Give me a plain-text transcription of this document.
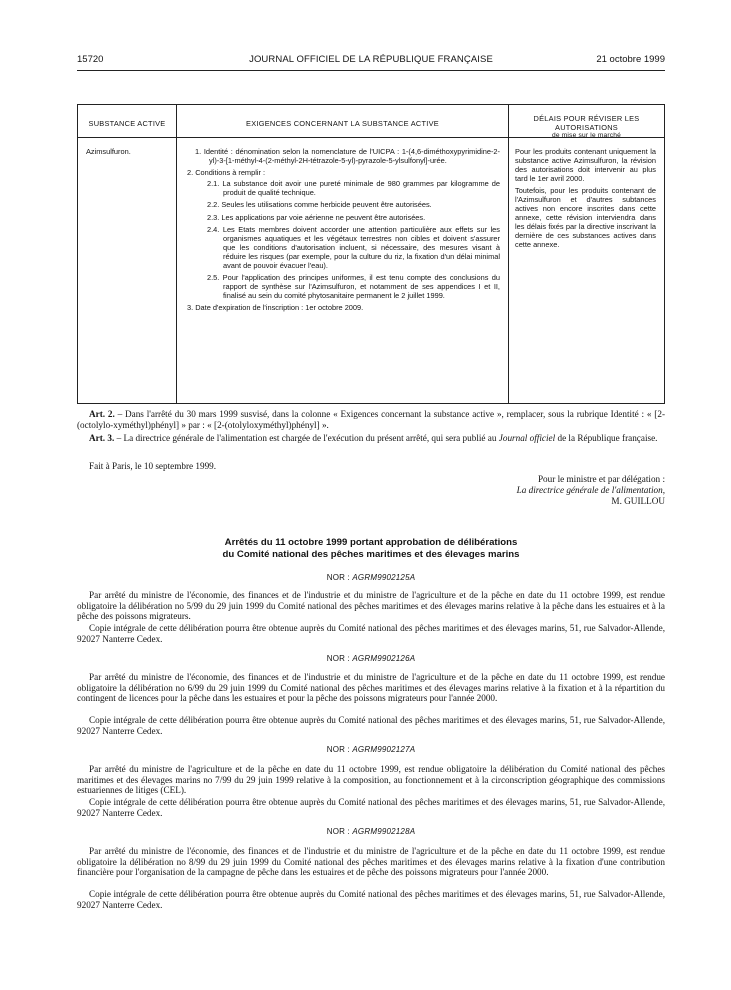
15720	JOURNAL OFFICIEL DE LA RÉPUBLIQUE FRANÇAISE	21 octobre 1999
SUBSTANCE ACTIVE
Azimsulfuron.
EXIGENCES CONCERNANT LA SUBSTANCE ACTIVE
1. Identité : dénomination selon la nomenclature de l'UICPA : 1-(4,6-diméthoxypyrimidine-2-yl)-3-[1-méthyl-4-(2-méthyl-2H-tétrazole-5-yl)-pyrazole-5-ylsulfonyl]-urée.
2. Conditions à remplir :
2.1. La substance doit avoir une pureté minimale de 980 grammes par kilogramme de produit de qualité technique.
2.2. Seules les utilisations comme herbicide peuvent être autorisées.
2.3. Les applications par voie aérienne ne peuvent être autorisées.
2.4. Les Etats membres doivent accorder une attention particulière aux effets sur les organismes aquatiques et les végétaux terrestres non cibles et doivent s'assurer que les conditions d'autorisation incluent, si nécessaire, des mesures visant à réduire les risques (par exemple, pour la culture du riz, la fixation d'un délai minimal avant de pouvoir évacuer l'eau).
2.5. Pour l'application des principes uniformes, il est tenu compte des conclusions du rapport de synthèse sur l'Azimsulfuron, et notamment de ses appendices I et II, finalisé au sein du comité phytosanitaire permanent le 2 juillet 1999.
3. Date d'expiration de l'inscription : 1er octobre 2009.
DÉLAIS POUR RÉVISER LES AUTORISATIONS
de mise sur le marché
Pour les produits contenant uniquement la substance active Azimsulfuron, la révision des autorisations doit intervenir au plus tard le 1er avril 2000.
Toutefois, pour les produits contenant de l'Azimsulfuron et d'autres subtances actives non encore inscrites dans cette annexe, cette révision interviendra dans les délais fixés par la directive inscrivant la dernière de ces substances actives dans cette annexe.
Art. 2. – Dans l'arrêté du 30 mars 1999 susvisé, dans la colonne « Exigences concernant la substance active », remplacer, sous la rubrique Identité : « [2-(octolylo-xyméthyl)phényl] » par : « [2-(otolyloxyméthyl)phényl] ».
Art. 3. – La directrice générale de l'alimentation est chargée de l'exécution du présent arrêté, qui sera publié au Journal officiel de la République française.
Fait à Paris, le 10 septembre 1999.
Pour le ministre et par délégation :
La directrice générale de l'alimentation,
M. GUILLOU
Arrêtés du 11 octobre 1999 portant approbation de délibérations
du Comité national des pêches maritimes et des élevages marins
NOR : AGRM9902125A
Par arrêté du ministre de l'économie, des finances et de l'industrie et du ministre de l'agriculture et de la pêche en date du 11 octobre 1999, est rendue obligatoire la délibération no 5/99 du 29 juin 1999 du Comité national des pêches maritimes et des élevages marins relative à la pêche dans les estuaires et à la pêche des poissons migrateurs.
Copie intégrale de cette délibération pourra être obtenue auprès du Comité national des pêches maritimes et des élevages marins, 51, rue Salvador-Allende, 92027 Nanterre Cedex.
NOR : AGRM9902126A
Par arrêté du ministre de l'économie, des finances et de l'industrie et du ministre de l'agriculture et de la pêche en date du 11 octobre 1999, est rendue obligatoire la délibération no 6/99 du 29 juin 1999 du Comité national des pêches maritimes et des élevages marins relative à la fixation et à la répartition du contingent de licences pour la pêche dans les estuaires et pour la pêche des poissons migrateurs pour l'année 2000.
Copie intégrale de cette délibération pourra être obtenue auprès du Comité national des pêches maritimes et des élevages marins, 51, rue Salvador-Allende, 92027 Nanterre Cedex.
NOR : AGRM9902127A
Par arrêté du ministre de l'agriculture et de la pêche en date du 11 octobre 1999, est rendue obligatoire la délibération du Comité national des pêches maritimes et des élevages marins no 7/99 du 29 juin 1999 relative à la composition, au fonctionnement et à la circonscription géographique des commissions estuariennes de litiges (CEL).
Copie intégrale de cette délibération pourra être obtenue auprès du Comité national des pêches maritimes et des élevages marins, 51, rue Salvador-Allende, 92027 Nanterre Cedex.
NOR : AGRM9902128A
Par arrêté du ministre de l'économie, des finances et de l'industrie et du ministre de l'agriculture et de la pêche en date du 11 octobre 1999, est rendue obligatoire la délibération no 8/99 du 29 juin 1999 du Comité national des pêches maritimes et des élevages marins relative à la fixation d'une contribution financière pour l'organisation de la campagne de pêche dans les estuaires et de pêche des poissons migrateurs pour l'année 2000.
Copie intégrale de cette délibération pourra être obtenue auprès du Comité national des pêches maritimes et des élevages marins, 51, rue Salvador-Allende, 92027 Nanterre Cedex.
